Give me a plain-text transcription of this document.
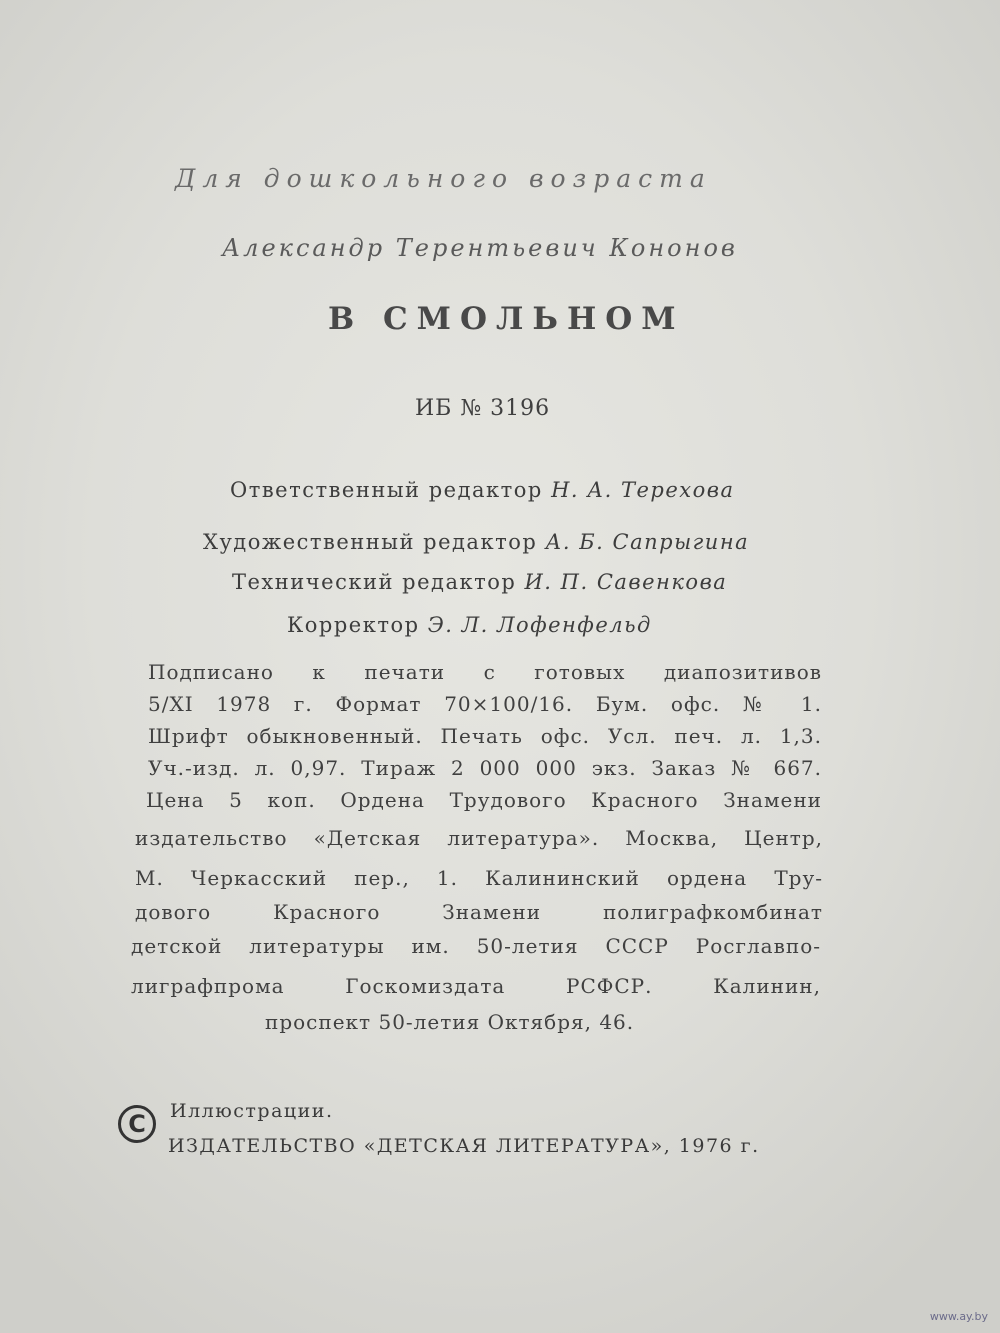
Для дошкольного возраста
Александр Терентьевич Кононов
В СМОЛЬНОМ
ИБ № 3196
Ответственный редактор Н. А. Терехова
Художественный редактор А. Б. Сапрыгина
Технический редактор И. П. Савенкова
Корректор Э. Л. Лофенфельд
Подписано к печати с готовых диапозитивов
5/XI 1978 г. Формат 70×100/16. Бум. офс. № 1.
Шрифт обыкновенный. Печать офс. Усл. печ. л. 1,3.
Уч.-изд. л. 0,97. Тираж 2 000 000 экз. Заказ № 667.
Цена 5 коп. Ордена Трудового Красного Знамени
издательство «Детская литература». Москва, Центр,
М. Черкасский пер., 1. Калининский ордена Тру-
дового Красного Знамени полиграфкомбинат
детской литературы им. 50-летия СССР Росглавпо-
лиграфпрома Госкомиздата РСФСР. Калинин,
проспект 50-летия Октября, 46.
C	Иллюстрации.
ИЗДАТЕЛЬСТВО «ДЕТСКАЯ ЛИТЕРАТУРА», 1976 г.
www.ay.by
